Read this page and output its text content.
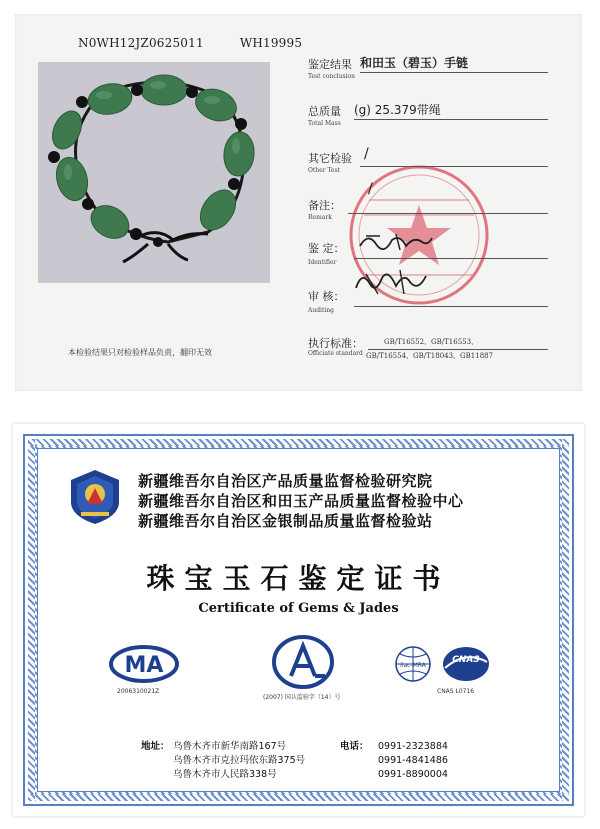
N0WH12JZ0625011	WH19995
本检验结果只对检验样品负责，翻印无效
鉴定结果 和田玉（碧玉）手链
Test conclusion
总质量 (g) 25.379带绳
Total Mass
其它检验 /
Other Test
备注：
/
Remark
鉴 定：
Identifier
审 核：
Auditing
执行标准：
Officiate standard
GB/T16552、GB/T16553、
GB/T16554、GB/T18043、GB11887
新疆维吾尔自治区产品质量监督检验研究院
新疆维吾尔自治区和田玉产品质量监督检验中心
新疆维吾尔自治区金银制品质量监督检验站
珠宝玉石鉴定证书
Certificate of Gems & Jades
MA
2006310021Z
(2007) 国认监验字（14）号
ilac-MRA
CNAS
CNAS L0716
地址： 乌鲁木齐市新华南路167号
乌鲁木齐市克拉玛依东路375号
乌鲁木齐市人民路338号
电话： 0991-2323884
0991-4841486
0991-8890004
